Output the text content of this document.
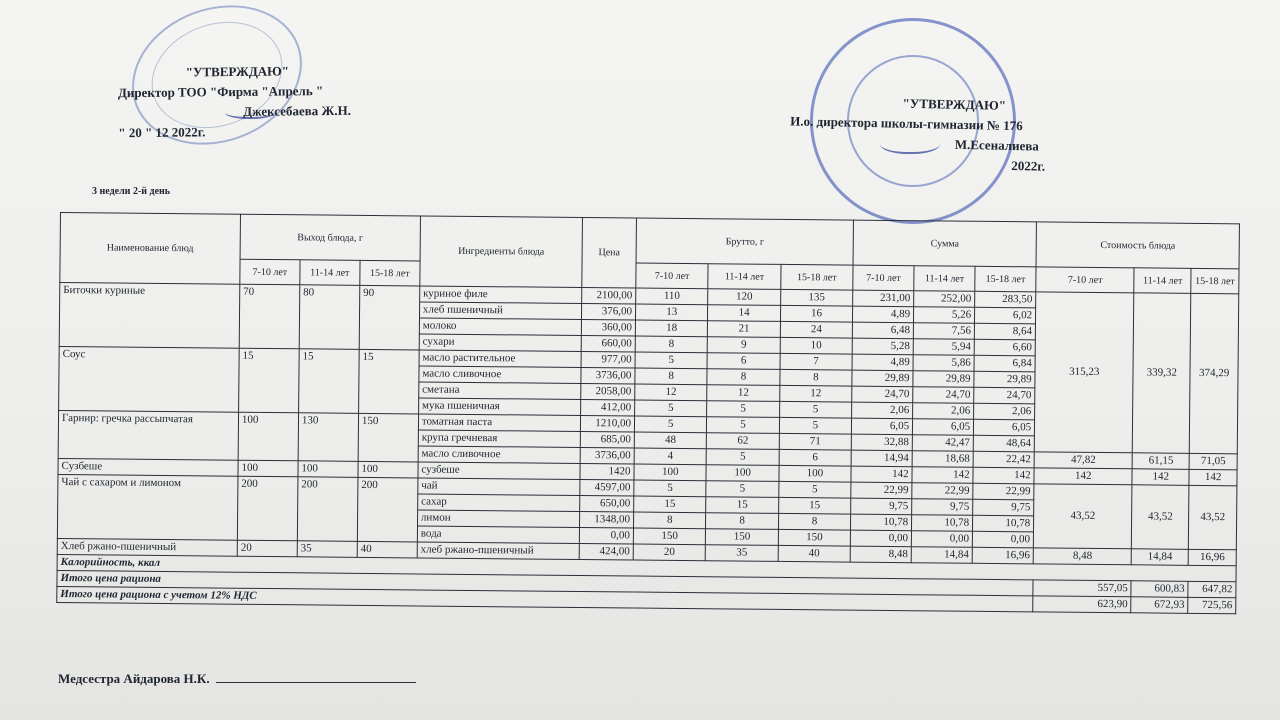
"УТВЕРЖДАЮ"
Директор ТОО "Фирма "Апрель "
Джексебаева Ж.Н.
" 20 " 12 2022г.
"УТВЕРЖДАЮ"
И.о. директора школы-гимназии № 176
М.Есеналиева
2022г.
3 недели 2-й день
Наименование блюд	Выход блюда, г			Ингредиенты блюда	Цена	Брутто, г			Сумма			Стоимость блюда		
	7-10 лет	11-14 лет	15-18 лет			7-10 лет	11-14 лет	15-18 лет	7-10 лет	11-14 лет	15-18 лет	7-10 лет	11-14 лет	15-18 лет
Биточки куриные	70	80	90	куриное филе	2100,00	110	120	135	231,00	252,00	283,50	315,23	339,32	374,29
				хлеб пшеничный	376,00	13	14	16	4,89	5,26	6,02			
				молоко	360,00	18	21	24	6,48	7,56	8,64			
				сухари	660,00	8	9	10	5,28	5,94	6,60			
Соус	15	15	15	масло растительное	977,00	5	6	7	4,89	5,86	6,84			
				масло сливочное	3736,00	8	8	8	29,89	29,89	29,89			
				сметана	2058,00	12	12	12	24,70	24,70	24,70			
				мука пшеничная	412,00	5	5	5	2,06	2,06	2,06			
Гарнир: гречка рассыпчатая	100	130	150	томатная паста	1210,00	5	5	5	6,05	6,05	6,05			
				крупа гречневая	685,00	48	62	71	32,88	42,47	48,64			
				масло сливочное	3736,00	4	5	6	14,94	18,68	22,42	47,82	61,15	71,05
Сузбеше	100	100	100	сузбеше	1420	100	100	100	142	142	142	142	142	142
Чай с сахаром и лимоном	200	200	200	чай	4597,00	5	5	5	22,99	22,99	22,99	43,52	43,52	43,52
				сахар	650,00	15	15	15	9,75	9,75	9,75			
				лимон	1348,00	8	8	8	10,78	10,78	10,78			
				вода	0,00	150	150	150	0,00	0,00	0,00			
Хлеб ржано-пшеничный	20	35	40	хлеб ржано-пшеничный	424,00	20	35	40	8,48	14,84	16,96	8,48	14,84	16,96
Калорийность, ккал														
Итого цена рациона												557,05	600,83	647,82
Итого цена рациона с учетом 12% НДС												623,90	672,93	725,56
Медсестра Айдарова Н.К.
